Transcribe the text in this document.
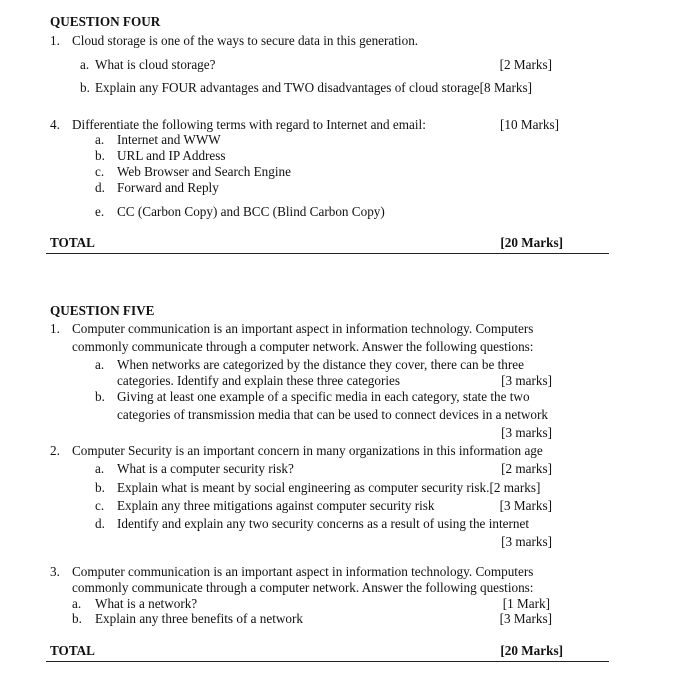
QUESTION FOUR
1. Cloud storage is one of the ways to secure data in this generation.
a. What is cloud storage?	[2 Marks]
b. Explain any FOUR advantages and TWO disadvantages of cloud storage[8 Marks]
4. Differentiate the following terms with regard to Internet and email:	[10 Marks]
a. Internet and WWW
b. URL and IP Address
c. Web Browser and Search Engine
d. Forward and Reply
e. CC (Carbon Copy) and BCC (Blind Carbon Copy)
TOTAL	[20 Marks]
QUESTION FIVE
1. Computer communication is an important aspect in information technology. Computers
commonly communicate through a computer network. Answer the following questions:
a. When networks are categorized by the distance they cover, there can be three
categories. Identify and explain these three categories	[3 marks]
b. Giving at least one example of a specific media in each category, state the two
categories of transmission media that can be used to connect devices in a network
[3 marks]
2. Computer Security is an important concern in many organizations in this information age
a. What is a computer security risk?	[2 marks]
b. Explain what is meant by social engineering as computer security risk.[2 marks]
c. Explain any three mitigations against computer security risk	[3 Marks]
d. Identify and explain any two security concerns as a result of using the internet
[3 marks]
3. Computer communication is an important aspect in information technology. Computers
commonly communicate through a computer network. Answer the following questions:
a. What is a network?	[1 Mark]
b. Explain any three benefits of a network	[3 Marks]
TOTAL	[20 Marks]
